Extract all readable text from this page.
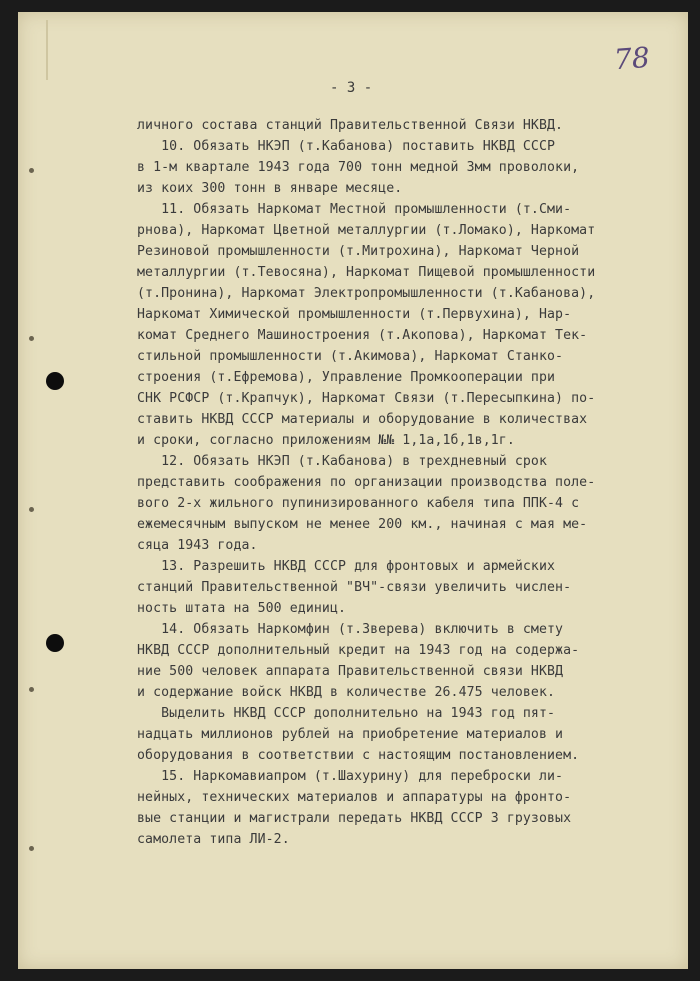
78
- 3 -
личного состава станций Правительственной Связи НКВД.
10. Обязать НКЭП (т.Кабанова) поставить НКВД СССР
в 1-м квартале 1943 года 700 тонн медной 3мм проволоки,
из коих 300 тонн в январе месяце.
11. Обязать Наркомат Местной промышленности (т.Сми-
рнова), Наркомат Цветной металлургии (т.Ломако), Наркомат
Резиновой промышленности (т.Митрохина), Наркомат Черной
металлургии (т.Тевосяна), Наркомат Пищевой промышленности
(т.Пронина), Наркомат Электропромышленности (т.Кабанова),
Наркомат Химической промышленности (т.Первухина), Нар-
комат Среднего Машиностроения (т.Акопова), Наркомат Тек-
стильной промышленности (т.Акимова), Наркомат Станко-
строения (т.Ефремова), Управление Промкооперации при
СНК РСФСР (т.Крапчук), Наркомат Связи (т.Пересыпкина) по-
ставить НКВД СССР материалы и оборудование в количествах
и сроки, согласно приложениям №№ 1,1а,1б,1в,1г.
12. Обязать НКЭП (т.Кабанова) в трехдневный срок
представить соображения по организации производства поле-
вого 2-х жильного пупинизированного кабеля типа ППК-4 с
ежемесячным выпуском не менее 200 км., начиная с мая ме-
сяца 1943 года.
13. Разрешить НКВД СССР для фронтовых и армейских
станций Правительственной "ВЧ"-связи увеличить числен-
ность штата на 500 единиц.
14. Обязать Наркомфин (т.Зверева) включить в смету
НКВД СССР дополнительный кредит на 1943 год на содержа-
ние 500 человек аппарата Правительственной связи НКВД
и содержание войск НКВД в количестве 26.475 человек.
Выделить НКВД СССР дополнительно на 1943 год пят-
надцать миллионов рублей на приобретение материалов и
оборудования в соответствии с настоящим постановлением.
15. Наркомавиапром (т.Шахурину) для переброски ли-
нейных, технических материалов и аппаратуры на фронто-
вые станции и магистрали передать НКВД СССР 3 грузовых
самолета типа ЛИ-2.
